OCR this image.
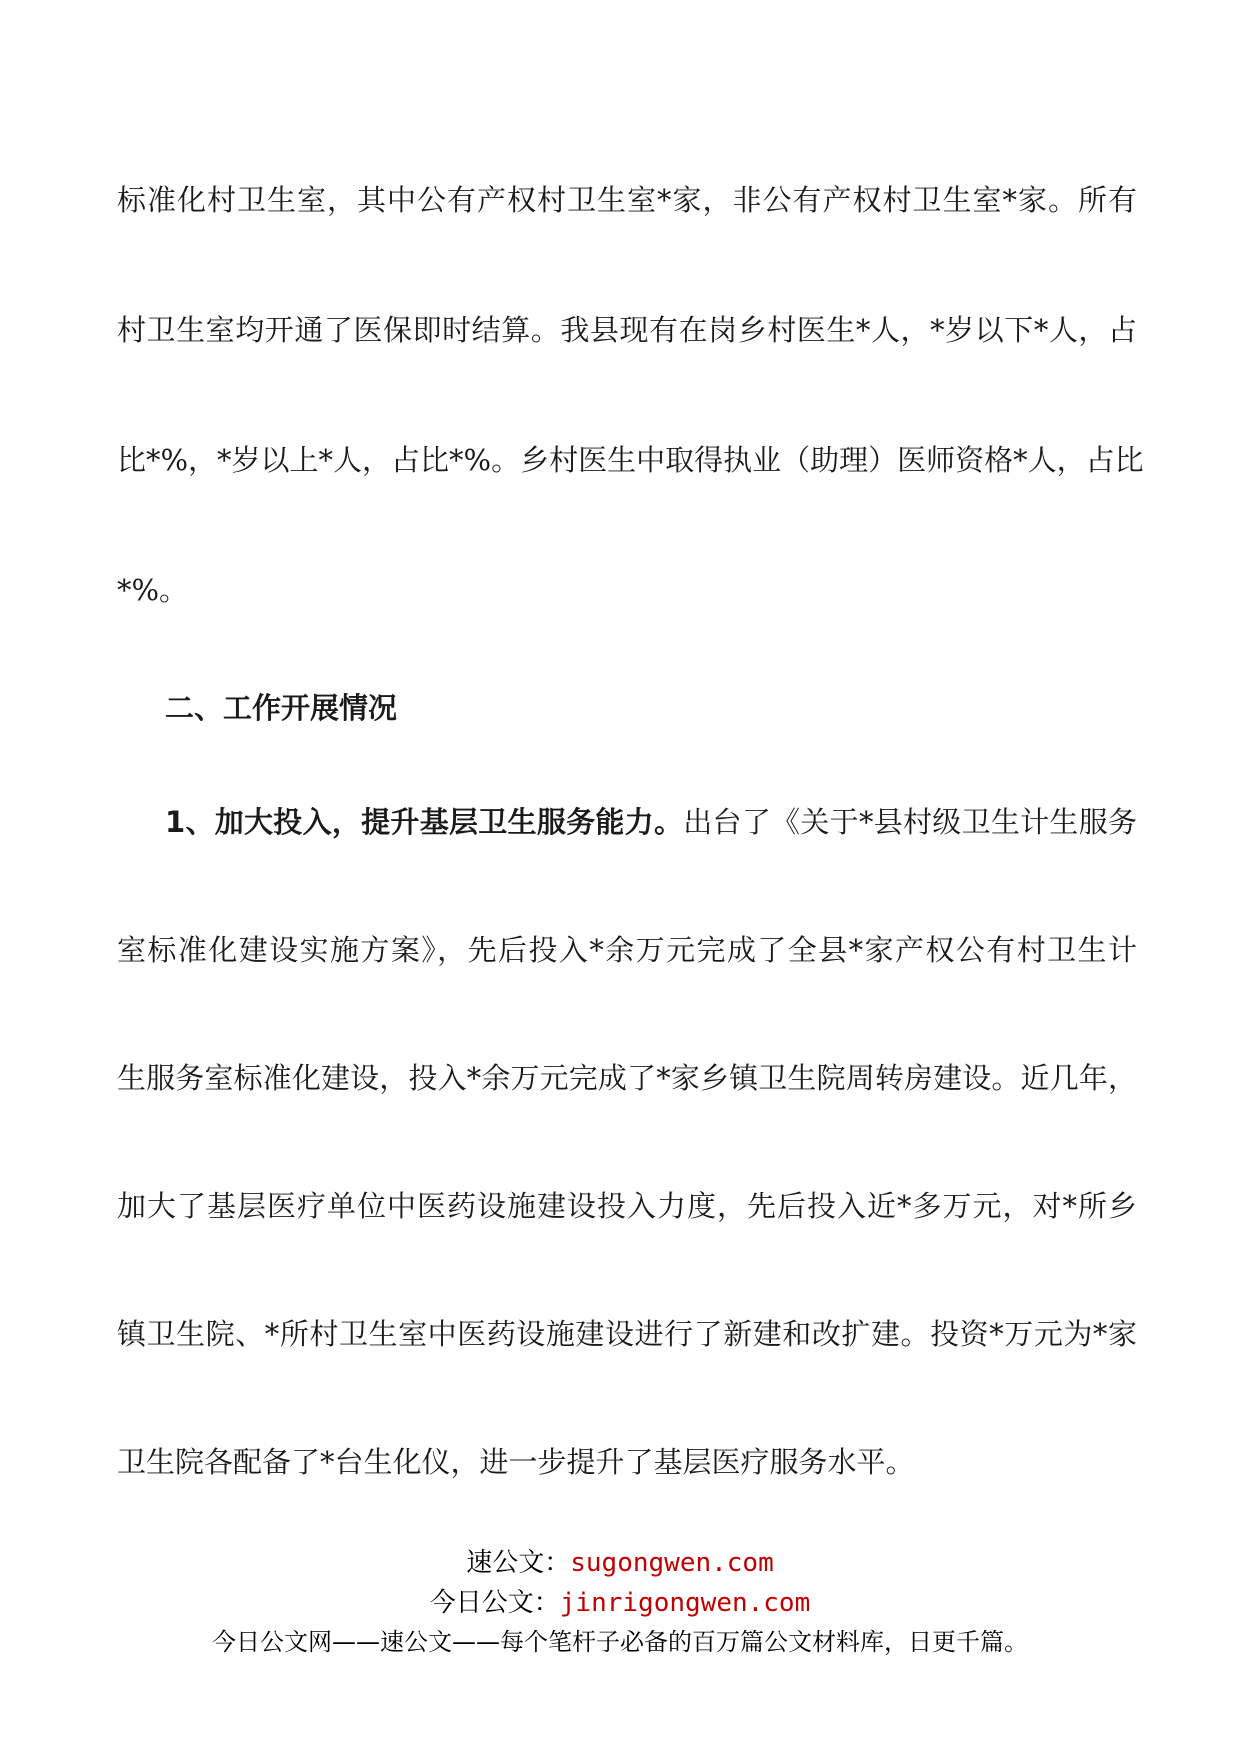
标准化村卫生室，其中公有产权村卫生室*家，非公有产权村卫生室*家。所有
村卫生室均开通了医保即时结算。我县现有在岗乡村医生*人，*岁以下*人，占
比*%，*岁以上*人，占比*%。乡村医生中取得执业（助理）医师资格*人，占比
*%。
二、工作开展情况
1、加大投入，提升基层卫生服务能力。出台了《关于*县村级卫生计生服务
室标准化建设实施方案》，先后投入*余万元完成了全县*家产权公有村卫生计
生服务室标准化建设，投入*余万元完成了*家乡镇卫生院周转房建设。近几年，
加大了基层医疗单位中医药设施建设投入力度，先后投入近*多万元，对*所乡
镇卫生院、*所村卫生室中医药设施建设进行了新建和改扩建。投资*万元为*家
卫生院各配备了*台生化仪，进一步提升了基层医疗服务水平。
速公文：sugongwen.com
今日公文：jinrigongwen.com
今日公文网——速公文——每个笔杆子必备的百万篇公文材料库，日更千篇。
